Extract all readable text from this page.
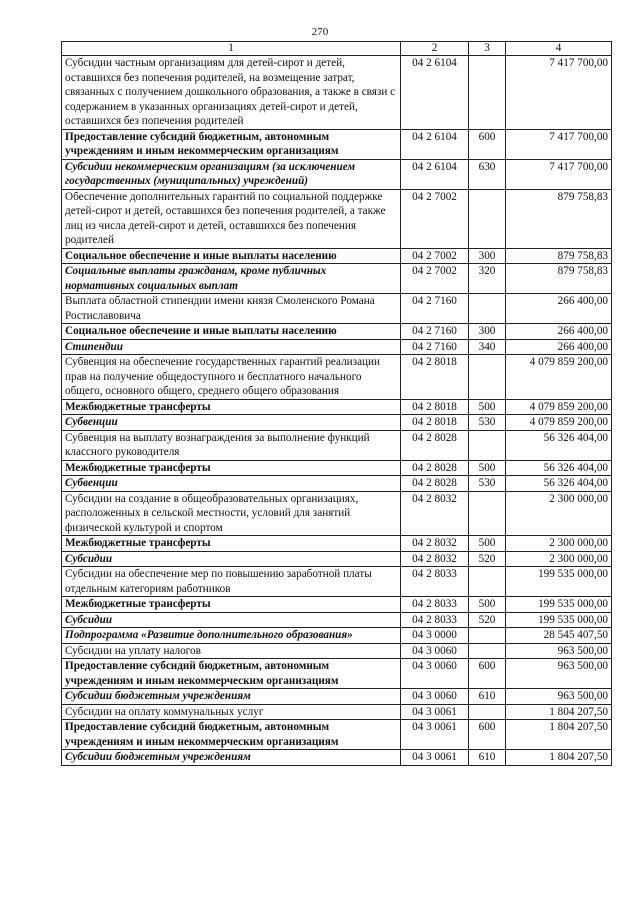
270
1	2	3	4
Субсидии частным организациям для детей-сирот и детей, оставшихся без попечения родителей, на возмещение затрат, связанных с получением дошкольного образования, а также в связи с содержанием в указанных организациях детей-сирот и детей, оставшихся без попечения родителей	04 2 6104		7 417 700,00
Предоставление субсидий бюджетным, автономным учреждениям и иным некоммерческим организациям	04 2 6104	600	7 417 700,00
Субсидии некоммерческим организациям (за исключением государственных (муниципальных) учреждений)	04 2 6104	630	7 417 700,00
Обеспечение дополнительных гарантий по социальной поддержке детей-сирот и детей, оставшихся без попечения родителей, а также лиц из числа детей-сирот и детей, оставшихся без попечения родителей	04 2 7002		879 758,83
Социальное обеспечение и иные выплаты населению	04 2 7002	300	879 758,83
Социальные выплаты гражданам, кроме публичных нормативных социальных выплат	04 2 7002	320	879 758,83
Выплата областной стипендии имени князя Смоленского Романа Ростиславовича	04 2 7160		266 400,00
Социальное обеспечение и иные выплаты населению	04 2 7160	300	266 400,00
Стипендии	04 2 7160	340	266 400,00
Субвенция на обеспечение государственных гарантий реализации прав на получение общедоступного и бесплатного начального общего, основного общего, среднего общего образования	04 2 8018		4 079 859 200,00
Межбюджетные трансферты	04 2 8018	500	4 079 859 200,00
Субвенции	04 2 8018	530	4 079 859 200,00
Субвенция на выплату вознаграждения за выполнение функций классного руководителя	04 2 8028		56 326 404,00
Межбюджетные трансферты	04 2 8028	500	56 326 404,00
Субвенции	04 2 8028	530	56 326 404,00
Субсидии на создание в общеобразовательных организациях, расположенных в сельской местности, условий для занятий физической культурой и спортом	04 2 8032		2 300 000,00
Межбюджетные трансферты	04 2 8032	500	2 300 000,00
Субсидии	04 2 8032	520	2 300 000,00
Субсидии на обеспечение мер по повышению заработной платы отдельным категориям работников	04 2 8033		199 535 000,00
Межбюджетные трансферты	04 2 8033	500	199 535 000,00
Субсидии	04 2 8033	520	199 535 000,00
Подпрограмма «Развитие дополнительного образования»	04 3 0000		28 545 407,50
Субсидии на уплату налогов	04 3 0060		963 500,00
Предоставление субсидий бюджетным, автономным учреждениям и иным некоммерческим организациям	04 3 0060	600	963 500,00
Субсидии бюджетным учреждениям	04 3 0060	610	963 500,00
Субсидии на оплату коммунальных услуг	04 3 0061		1 804 207,50
Предоставление субсидий бюджетным, автономным учреждениям и иным некоммерческим организациям	04 3 0061	600	1 804 207,50
Субсидии бюджетным учреждениям	04 3 0061	610	1 804 207,50
